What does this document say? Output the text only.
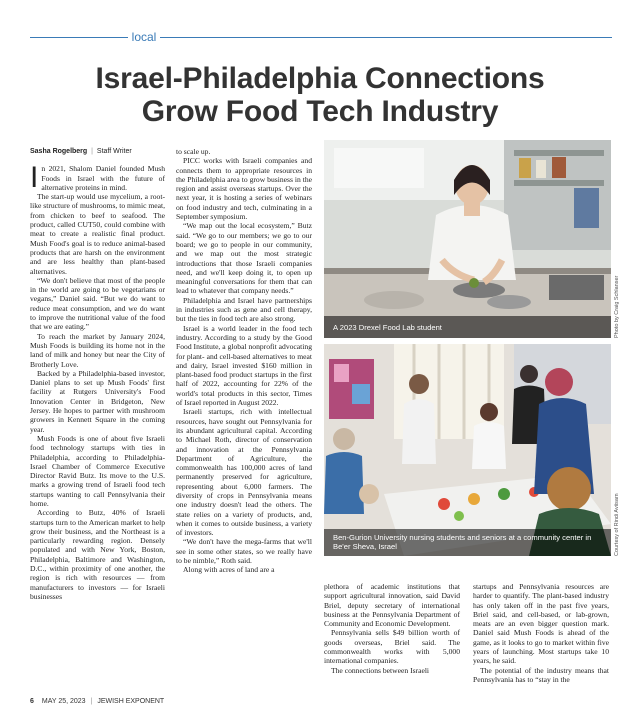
local
Israel-Philadelphia Connections
Grow Food Tech Industry

Sasha Rogelberg | Staff Writer

I n 2021, Shalom Daniel founded Mush Foods in Israel with the future of alternative proteins in mind.

The start-up would use mycelium, a root-like structure of mushrooms, to mimic meat, from chicken to beef to seafood. The product, called CUT50, could combine with meat to create a realistic final product. Mush Food's goal is to reduce animal-based products that are harsh on the environment and are less healthy than plant-based alternatives.

“We don't believe that most of the people in the world are going to be vegetarians or vegans,” Daniel said. “But we do want to reduce meat consumption, and we do want to improve the nutritional value of the food that we are eating.”

To reach the market by January 2024, Mush Foods is building its home not in the land of milk and honey but near the City of Brotherly Love.

Backed by a Philadelphia-based investor, Daniel plans to set up Mush Foods' first facility at Rutgers University's Food Innovation Center in Bridgeton, New Jersey. He hopes to partner with mushroom growers in Kennett Square in the coming year.

Mush Foods is one of about five Israeli food technology startups with ties in Philadelphia, according to Philadelphia-Israel Chamber of Commerce Executive Director Ravid Butz. Its move to the U.S. marks a growing trend of Israeli food tech startups wanting to call Pennsylvania their home.

According to Butz, 40% of Israeli startups turn to the American market to help grow their business, and the Northeast is a particularly rewarding region. Densely populated and with New York, Boston, Philadelphia, Baltimore and Washington, D.C., within proximity of one another, the region is rich with resources — from manufacturers to investors — for Israeli businesses

to scale up.

PICC works with Israeli companies and connects them to appropriate resources in the Philadelphia area to grow business in the region and assist overseas startups. Over the next year, it is hosting a series of webinars on food industry and tech, culminating in a September symposium.

“We map out the local ecosystem,” Butz said. “We go to our members; we go to our board; we go to people in our community, and we map out the most strategic introductions that those Israeli companies need, and we'll keep doing it, to open up meaningful conversations for them that can lead to whatever that company needs.”

Philadelphia and Israel have partnerships in industries such as gene and cell therapy, but the ties in food tech are also strong.

Israel is a world leader in the food tech industry. According to a study by the Good Food Institute, a global nonprofit advocating for plant- and cell-based alternatives to meat and dairy, Israel invested $160 million in plant-based food product startups in the first half of 2022, accounting for 22% of the world's total products in this sector, Times of Israel reported in August 2022.

Israeli startups, rich with intellectual resources, have sought out Pennsylvania for its abundant agricultural capital. According to Michael Roth, director of conservation and innovation at the Pennsylvania Department of Agriculture, the commonwealth has 100,000 acres of land permanently preserved for agriculture, representing about 6,000 farmers. The diversity of crops in Pennsylvania means one industry doesn't lead the others. The state relies on a variety of products, and, when it comes to outside business, a variety of investors.

“We don't have the mega-farms that we'll see in some other states, so we really have to be nimble,” Roth said.

Along with acres of land are a

A 2023 Drexel Food Lab student	Photo by Craig Schlanser
Ben-Gurion University nursing students and seniors at a community center in Be'er Sheva, Israel	Courtesy of Rindi Aviisam

plethora of academic institutions that support agricultural innovation, said David Briel, deputy secretary of international business at the Pennsylvania Department of Community and Economic Development.

Pennsylvania sells $49 billion worth of goods overseas, Briel said. The commonwealth works with 5,000 international companies.

The connections between Israeli

startups and Pennsylvania resources are harder to quantify. The plant-based industry has only taken off in the past five years, Briel said, and cell-based, or lab-grown, meats are an even bigger question mark. Daniel said Mush Foods is ahead of the game, as it looks to go to market within five years of launching. Most startups take 10 years, he said.

The potential of the industry means that Pennsylvania has to “stay in the

6 MAY 25, 2023 | JEWISH EXPONENT
